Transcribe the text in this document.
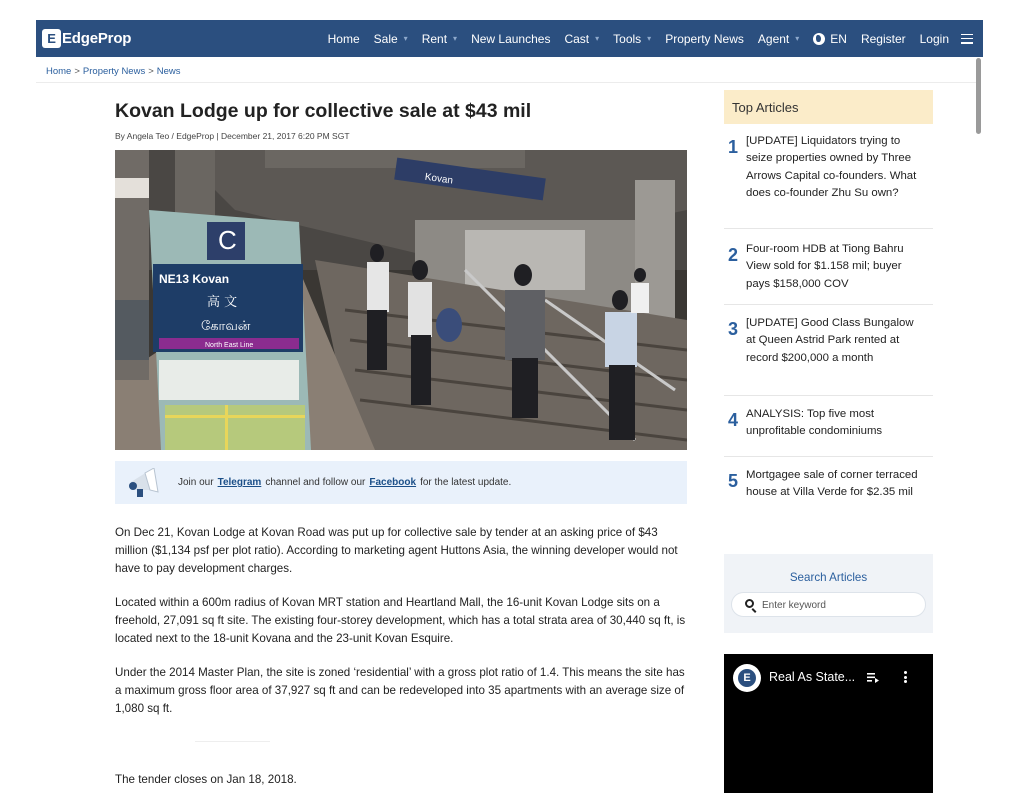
E EdgeProp	Home Sale ▾ Rent ▾ New Launches Cast ▾ Tools ▾ Property News Agent ▾	EN Register Login
Home > Property News > News
Kovan Lodge up for collective sale at $43 mil
By Angela Teo / EdgeProp | December 21, 2017 6:20 PM SGT
Kovan
C
NE13 Kovan
高 文
கோவன்
North East Line
Join our Telegram channel and follow our Facebook for the latest update.

On Dec 21, Kovan Lodge at Kovan Road was put up for collective sale by tender at an asking price of $43 million ($1,134 psf per plot ratio). According to marketing agent Huttons Asia, the winning developer would not have to pay development charges.

Located within a 600m radius of Kovan MRT station and Heartland Mall, the 16-unit Kovan Lodge sits on a freehold, 27,091 sq ft site. The existing four-storey development, which has a total strata area of 30,440 sq ft, is located next to the 18-unit Kovana and the 23-unit Kovan Esquire.

Under the 2014 Master Plan, the site is zoned ‘residential’ with a gross plot ratio of 1.4. This means the site has a maximum gross floor area of 37,927 sq ft and can be redeveloped into 35 apartments with an average size of 1,080 sq ft.

The tender closes on Jan 18, 2018.

Top Articles
1 [UPDATE] Liquidators trying to seize properties owned by Three Arrows Capital co-founders. What does co-founder Zhu Su own?
2 Four-room HDB at Tiong Bahru View sold for $1.158 mil; buyer pays $158,000 COV
3 [UPDATE] Good Class Bungalow at Queen Astrid Park rented at record $200,000 a month
4 ANALYSIS: Top five most unprofitable condominiums
5 Mortgagee sale of corner terraced house at Villa Verde for $2.35 mil
Search Articles
Enter keyword
E	Real As State...
